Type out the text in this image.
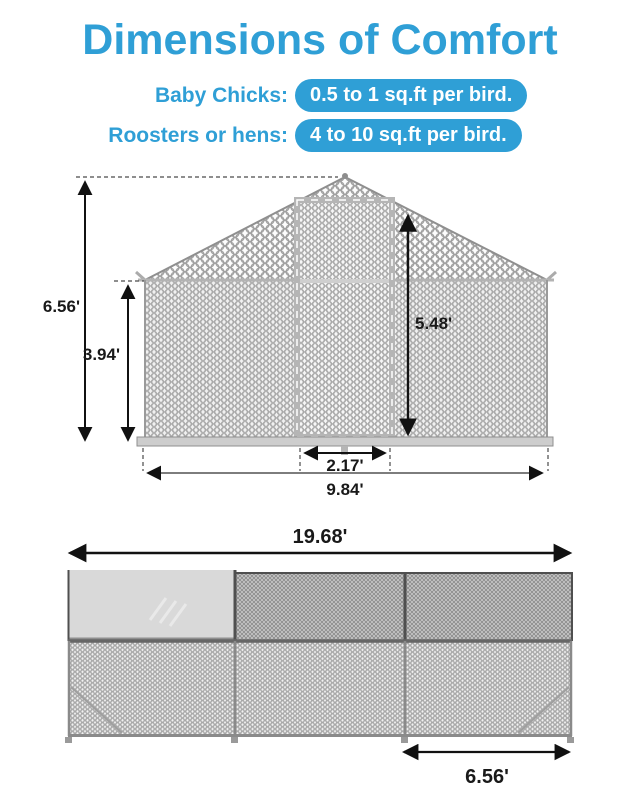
Dimensions of Comfort
Baby Chicks:	0.5 to 1 sq.ft per bird.
Roosters or hens:	4 to 10 sq.ft per bird.
6.56'
3.94'
5.48'
2.17'
9.84'
19.68'
6.56'
